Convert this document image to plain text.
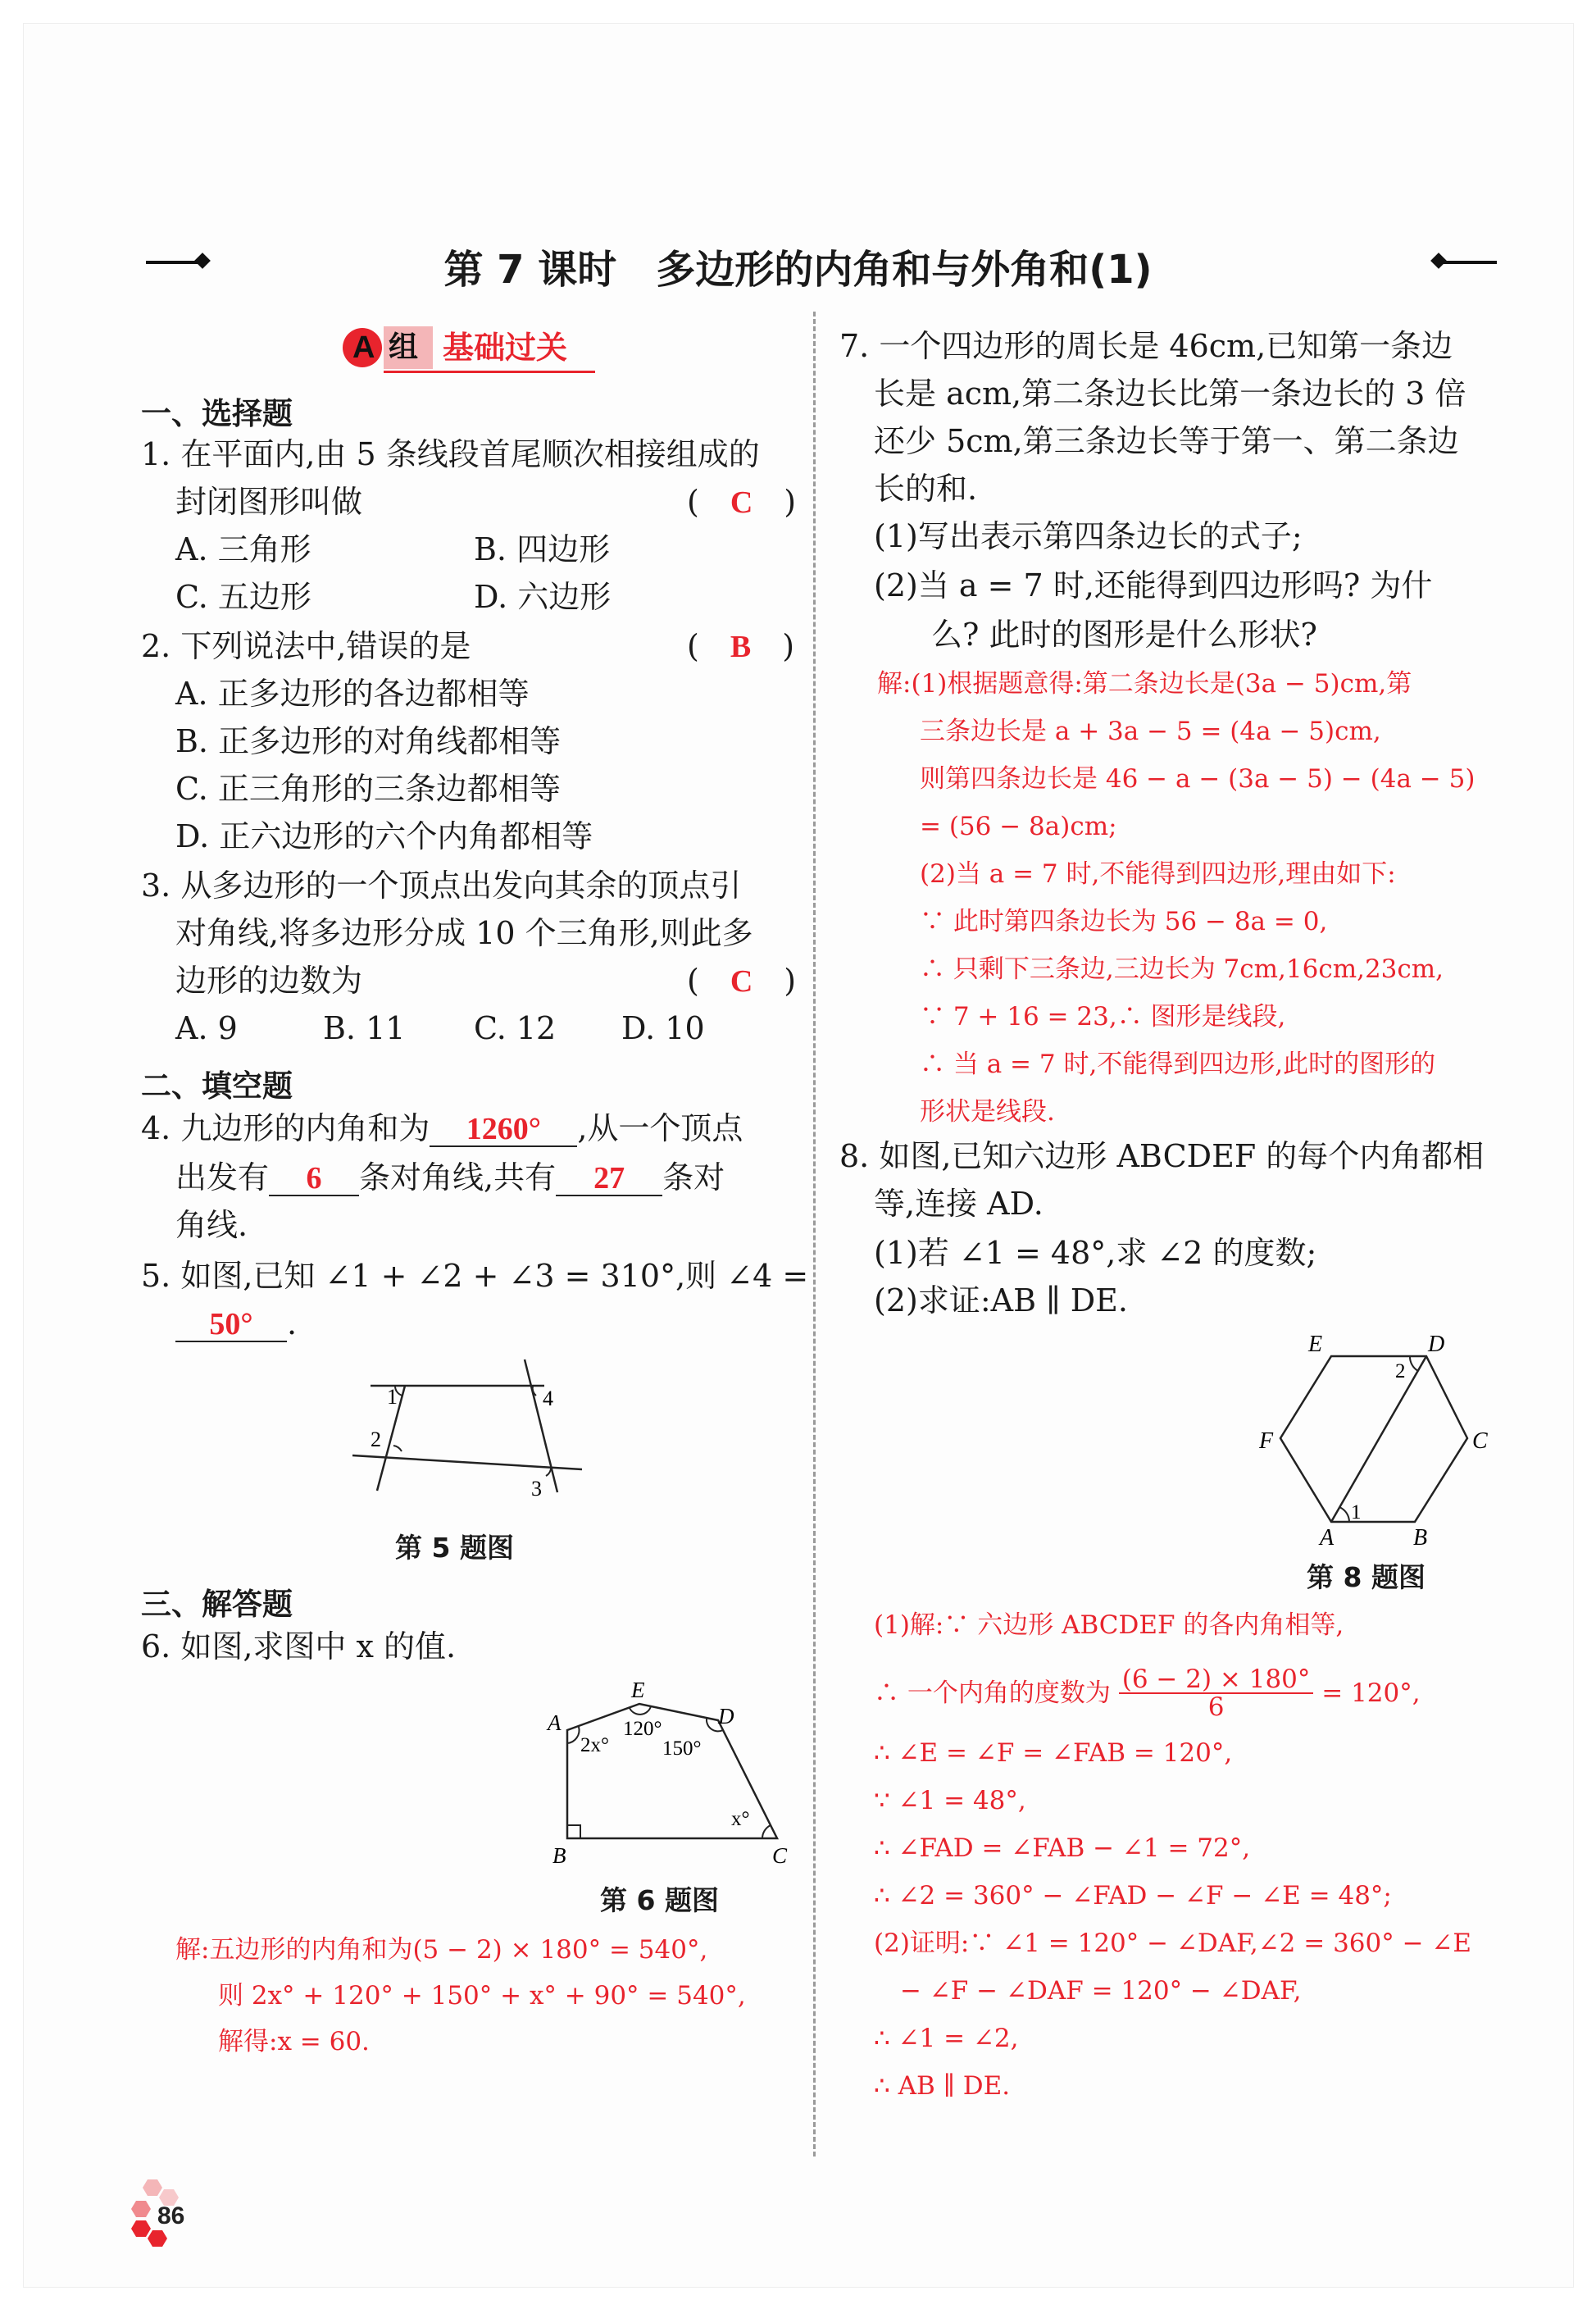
第 7 课时　多边形的内角和与外角和(1)
A 组 基础过关
一、选择题
1. 在平面内,由 5 条线段首尾顺次相接组成的
封闭图形叫做	(　C　)
A. 三角形	B. 四边形
C. 五边形	D. 六边形
2. 下列说法中,错误的是	(　B　)
A. 正多边形的各边都相等
B. 正多边形的对角线都相等
C. 正三角形的三条边都相等
D. 正六边形的六个内角都相等
3. 从多边形的一个顶点出发向其余的顶点引
对角线,将多边形分成 10 个三角形,则此多
边形的边数为	(　C　)
A. 9	B. 11 C. 12 D. 10
二、填空题
4. 九边形的内角和为 1260° ,从一个顶点
出发有 6 条对角线,共有 27 条对
角线.
5. 如图,已知 ∠1 + ∠2 + ∠3 = 310°,则 ∠4 =
50° .
1
2
3
4
第 5 题图
三、解答题
6. 如图,求图中 x 的值.
A
E
D
B	C
2x°
120°
150°
x°
第 6 题图
解:五边形的内角和为(5 − 2) × 180° = 540°,
则 2x° + 120° + 150° + x° + 90° = 540°,
解得:x = 60.
7. 一个四边形的周长是 46cm,已知第一条边
长是 acm,第二条边长比第一条边长的 3 倍
还少 5cm,第三条边长等于第一、第二条边
长的和.
(1)写出表示第四条边长的式子;
(2)当 a = 7 时,还能得到四边形吗? 为什
么? 此时的图形是什么形状?
解:(1)根据题意得:第二条边长是(3a − 5)cm,第
三条边长是 a + 3a − 5 = (4a − 5)cm,
则第四条边长是 46 − a − (3a − 5) − (4a − 5)
= (56 − 8a)cm;
(2)当 a = 7 时,不能得到四边形,理由如下:
∵ 此时第四条边长为 56 − 8a = 0,
∴ 只剩下三条边,三边长为 7cm,16cm,23cm,
∵ 7 + 16 = 23,∴ 图形是线段,
∴ 当 a = 7 时,不能得到四边形,此时的图形的
形状是线段.
8. 如图,已知六边形 ABCDEF 的每个内角都相
等,连接 AD.
(1)若 ∠1 = 48°,求 ∠2 的度数;
(2)求证:AB ∥ DE.
E	D
F	C
A	B
1
2
第 8 题图
(1)解:∵ 六边形 ABCDEF 的各内角相等,
∴ 一个内角的度数为 $\frac{(6 - 2) \times 180^\circ}{6} = 120^\circ$,
∴ ∠E = ∠F = ∠FAB = 120°,
∵ ∠1 = 48°,
∴ ∠FAD = ∠FAB − ∠1 = 72°,
∴ ∠2 = 360° − ∠FAD − ∠F − ∠E = 48°;
(2)证明:∵ ∠1 = 120° − ∠DAF,∠2 = 360° − ∠E
− ∠F − ∠DAF = 120° − ∠DAF,
∴ ∠1 = ∠2,
∴ AB ∥ DE.
86
